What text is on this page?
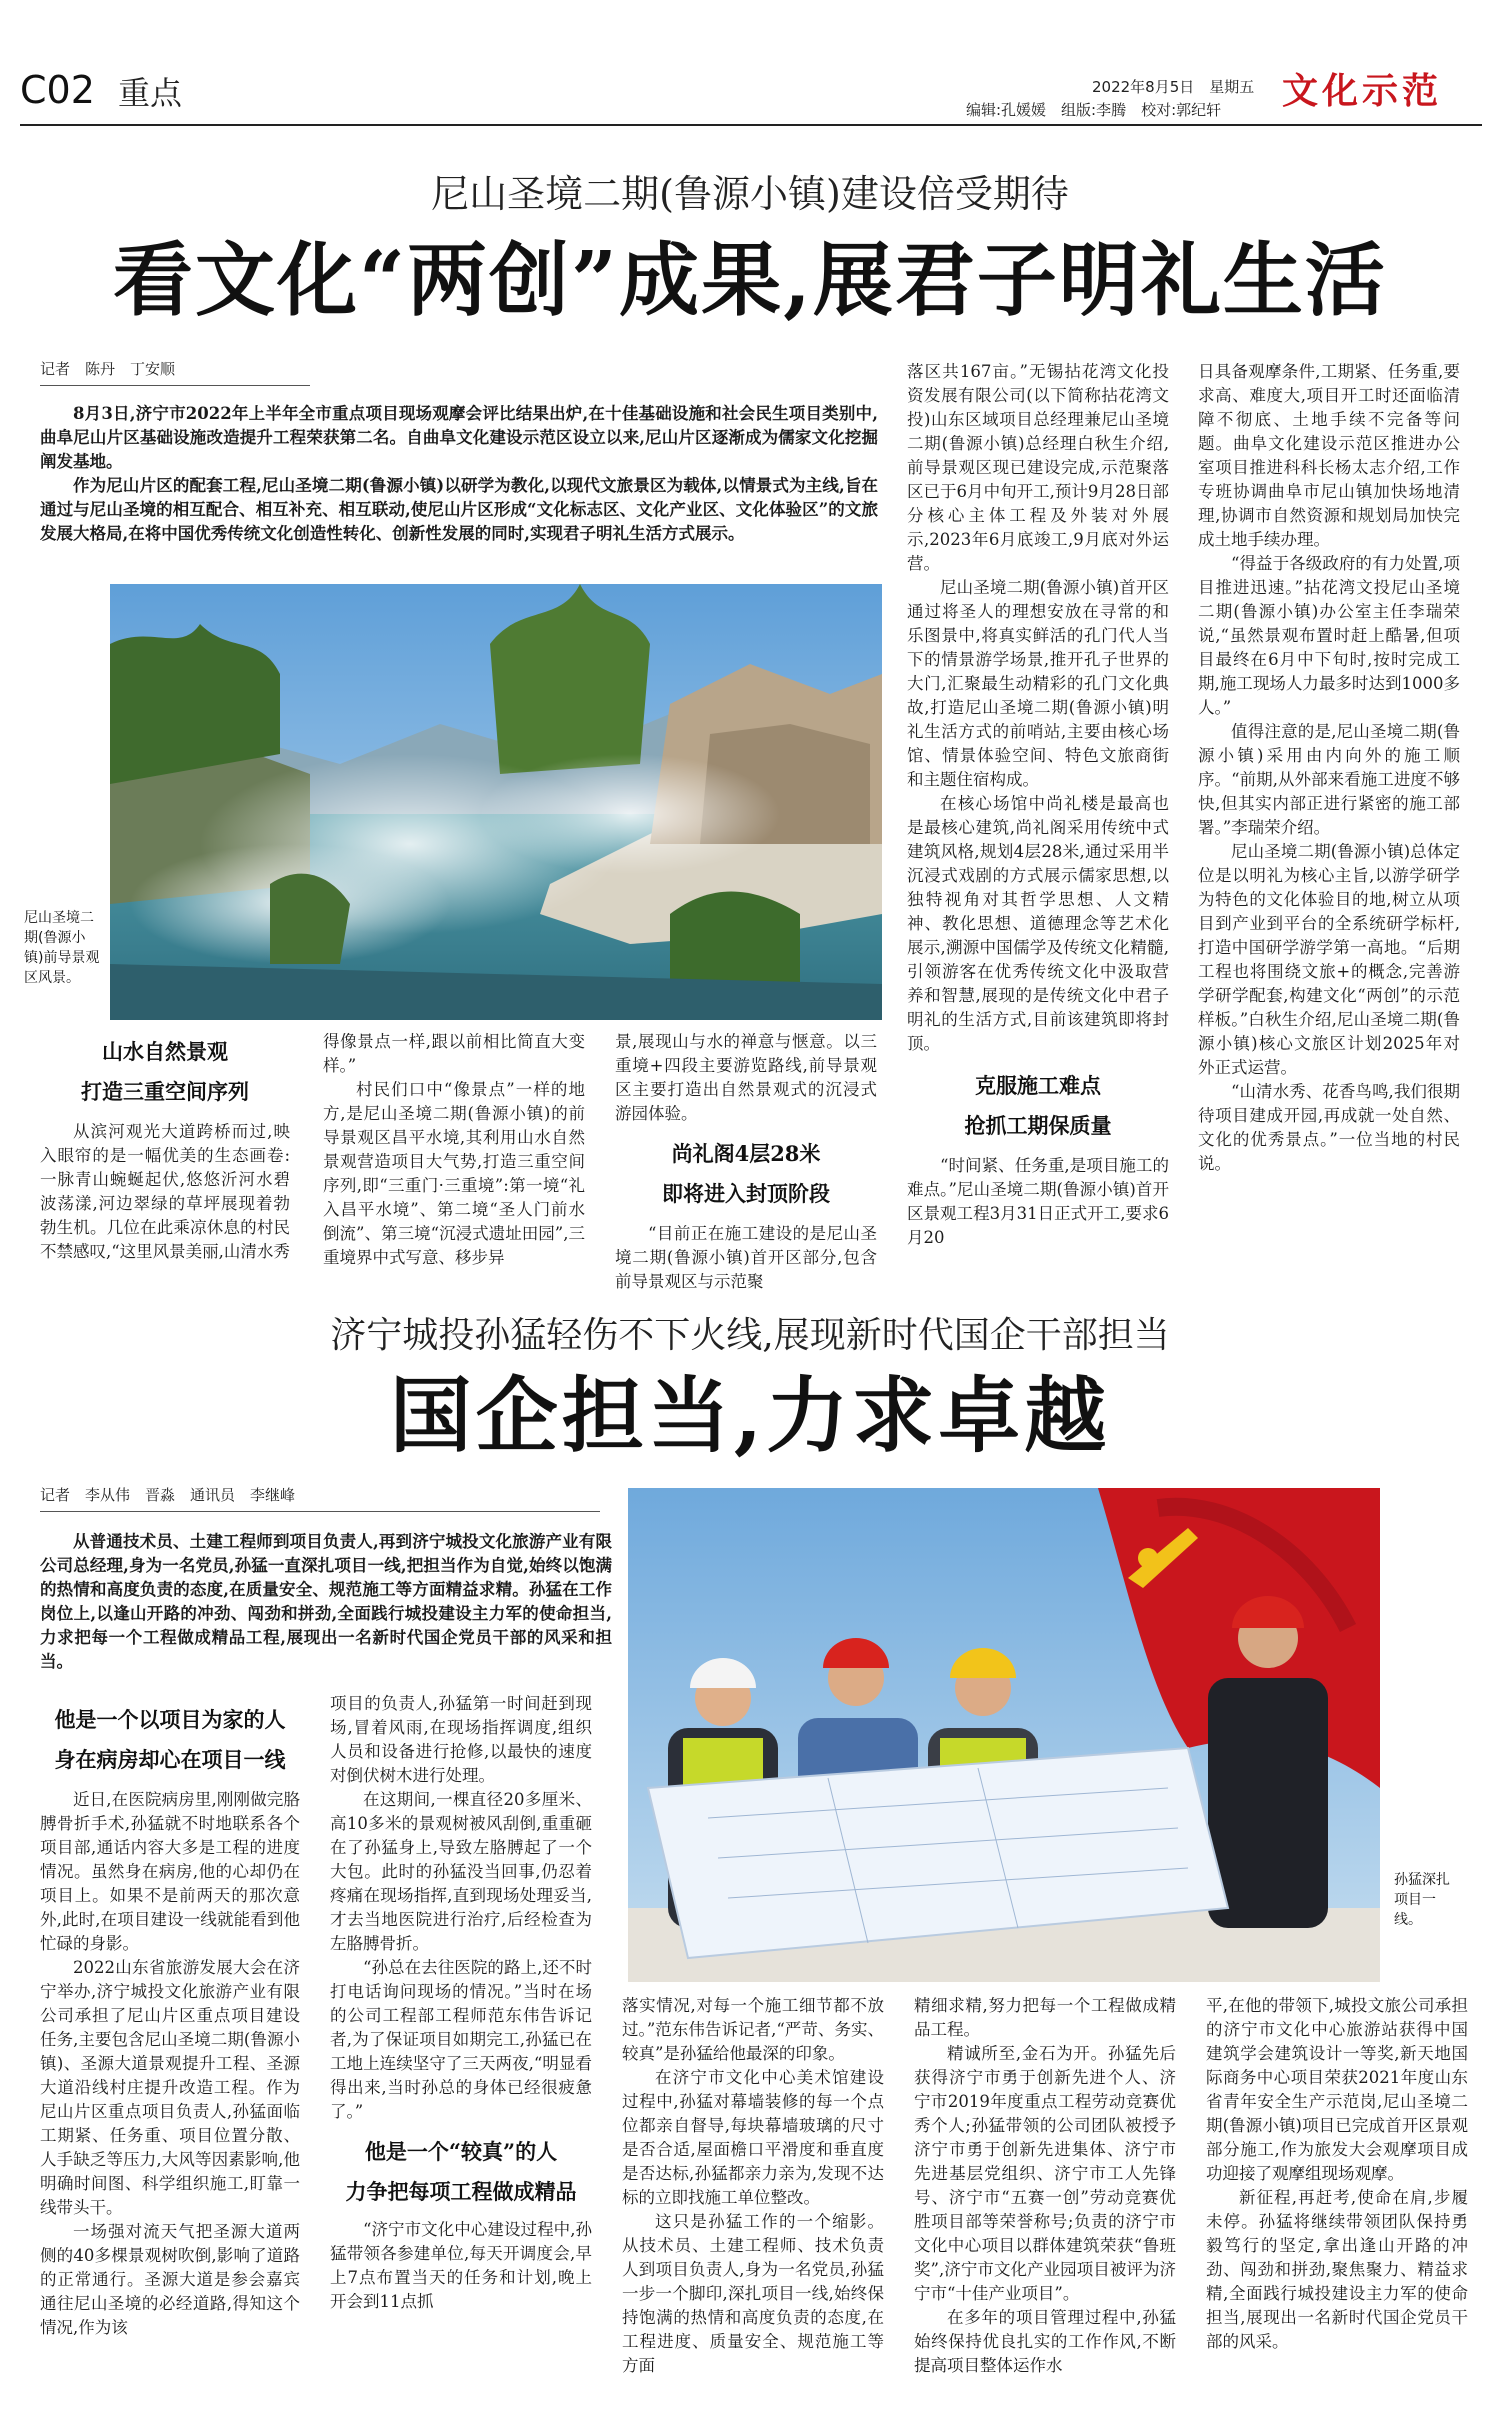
C02 重点	2022年8月5日　星期五
编辑:孔媛媛　组版:李腾　校对:郭纪轩 文化示范
尼山圣境二期(鲁源小镇)建设倍受期待
看文化“两创”成果,展君子明礼生活
记者　陈丹　丁安顺

8月3日,济宁市2022年上半年全市重点项目现场观摩会评比结果出炉,在十佳基础设施和社会民生项目类别中,曲阜尼山片区基础设施改造提升工程荣获第二名。自曲阜文化建设示范区设立以来,尼山片区逐渐成为儒家文化挖掘阐发基地。

作为尼山片区的配套工程,尼山圣境二期(鲁源小镇)以研学为教化,以现代文旅景区为载体,以情景式为主线,旨在通过与尼山圣境的相互配合、相互补充、相互联动,使尼山片区形成“文化标志区、文化产业区、文化体验区”的文旅发展大格局,在将中国优秀传统文化创造性转化、创新性发展的同时,实现君子明礼生活方式展示。

尼山圣境二期(鲁源小镇)前导景观区风景。

山水自然景观

打造三重空间序列

从滨河观光大道跨桥而过,映入眼帘的是一幅优美的生态画卷:一脉青山蜿蜒起伏,悠悠沂河水碧波荡漾,河边翠绿的草坪展现着勃勃生机。几位在此乘凉休息的村民不禁感叹,“这里风景美丽,山清水秀

得像景点一样,跟以前相比简直大变样。”

村民们口中“像景点”一样的地方,是尼山圣境二期(鲁源小镇)的前导景观区昌平水境,其利用山水自然景观营造项目大气势,打造三重空间序列,即“三重门·三重境”:第一境“礼入昌平水境”、第二境“圣人门前水倒流”、第三境“沉浸式遗址田园”,三重境界中式写意、移步异

景,展现山与水的禅意与惬意。以三重境+四段主要游览路线,前导景观区主要打造出自然景观式的沉浸式游园体验。

尚礼阁4层28米

即将进入封顶阶段

“目前正在施工建设的是尼山圣境二期(鲁源小镇)首开区部分,包含前导景观区与示范聚

落区共167亩。”无锡拈花湾文化投资发展有限公司(以下简称拈花湾文投)山东区域项目总经理兼尼山圣境二期(鲁源小镇)总经理白秋生介绍,前导景观区现已建设完成,示范聚落区已于6月中旬开工,预计9月28日部分核心主体工程及外装对外展示,2023年6月底竣工,9月底对外运营。

尼山圣境二期(鲁源小镇)首开区通过将圣人的理想安放在寻常的和乐图景中,将真实鲜活的孔门代人当下的情景游学场景,推开孔子世界的大门,汇聚最生动精彩的孔门文化典故,打造尼山圣境二期(鲁源小镇)明礼生活方式的前哨站,主要由核心场馆、情景体验空间、特色文旅商街和主题住宿构成。

在核心场馆中尚礼楼是最高也是最核心建筑,尚礼阁采用传统中式建筑风格,规划4层28米,通过采用半沉浸式戏剧的方式展示儒家思想,以独特视角对其哲学思想、人文精神、教化思想、道德理念等艺术化展示,溯源中国儒学及传统文化精髓,引领游客在优秀传统文化中汲取营养和智慧,展现的是传统文化中君子明礼的生活方式,目前该建筑即将封顶。

克服施工难点

抢抓工期保质量

“时间紧、任务重,是项目施工的难点。”尼山圣境二期(鲁源小镇)首开区景观工程3月31日正式开工,要求6月20

日具备观摩条件,工期紧、任务重,要求高、难度大,项目开工时还面临清障不彻底、土地手续不完备等问题。曲阜文化建设示范区推进办公室项目推进科科长杨太志介绍,工作专班协调曲阜市尼山镇加快场地清理,协调市自然资源和规划局加快完成土地手续办理。

“得益于各级政府的有力处置,项目推进迅速。”拈花湾文投尼山圣境二期(鲁源小镇)办公室主任李瑞荣说,“虽然景观布置时赶上酷暑,但项目最终在6月中下旬时,按时完成工期,施工现场人力最多时达到1000多人。”

值得注意的是,尼山圣境二期(鲁源小镇)采用由内向外的施工顺序。“前期,从外部来看施工进度不够快,但其实内部正进行紧密的施工部署。”李瑞荣介绍。

尼山圣境二期(鲁源小镇)总体定位是以明礼为核心主旨,以游学研学为特色的文化体验目的地,树立从项目到产业到平台的全系统研学标杆,打造中国研学游学第一高地。“后期工程也将围绕文旅+的概念,完善游学研学配套,构建文化“两创”的示范样板。”白秋生介绍,尼山圣境二期(鲁源小镇)核心文旅区计划2025年对外正式运营。

“山清水秀、花香鸟鸣,我们很期待项目建成开园,再成就一处自然、文化的优秀景点。”一位当地的村民说。

济宁城投孙猛轻伤不下火线,展现新时代国企干部担当
国企担当,力求卓越
记者　李从伟　晋淼　通讯员　李继峰

从普通技术员、土建工程师到项目负责人,再到济宁城投文化旅游产业有限公司总经理,身为一名党员,孙猛一直深扎项目一线,把担当作为自觉,始终以饱满的热情和高度负责的态度,在质量安全、规范施工等方面精益求精。孙猛在工作岗位上,以逢山开路的冲劲、闯劲和拼劲,全面践行城投建设主力军的使命担当,力求把每一个工程做成精品工程,展现出一名新时代国企党员干部的风采和担当。

孙猛深扎项目一线。

他是一个以项目为家的人

身在病房却心在项目一线

近日,在医院病房里,刚刚做完胳膊骨折手术,孙猛就不时地联系各个项目部,通话内容大多是工程的进度情况。虽然身在病房,他的心却仍在项目上。如果不是前两天的那次意外,此时,在项目建设一线就能看到他忙碌的身影。

2022山东省旅游发展大会在济宁举办,济宁城投文化旅游产业有限公司承担了尼山片区重点项目建设任务,主要包含尼山圣境二期(鲁源小镇)、圣源大道景观提升工程、圣源大道沿线村庄提升改造工程。作为尼山片区重点项目负责人,孙猛面临工期紧、任务重、项目位置分散、人手缺乏等压力,大风等因素影响,他明确时间图、科学组织施工,盯靠一线带头干。

一场强对流天气把圣源大道两侧的40多棵景观树吹倒,影响了道路的正常通行。圣源大道是参会嘉宾通往尼山圣境的必经道路,得知这个情况,作为该

项目的负责人,孙猛第一时间赶到现场,冒着风雨,在现场指挥调度,组织人员和设备进行抢修,以最快的速度对倒伏树木进行处理。

在这期间,一棵直径20多厘米、高10多米的景观树被风刮倒,重重砸在了孙猛身上,导致左胳膊起了一个大包。此时的孙猛没当回事,仍忍着疼痛在现场指挥,直到现场处理妥当,才去当地医院进行治疗,后经检查为左胳膊骨折。

“孙总在去往医院的路上,还不时打电话询问现场的情况。”当时在场的公司工程部工程师范东伟告诉记者,为了保证项目如期完工,孙猛已在工地上连续坚守了三天两夜,“明显看得出来,当时孙总的身体已经很疲惫了。”

他是一个“较真”的人

力争把每项工程做成精品

“济宁市文化中心建设过程中,孙猛带领各参建单位,每天开调度会,早上7点布置当天的任务和计划,晚上开会到11点抓

落实情况,对每一个施工细节都不放过。”范东伟告诉记者,“严苛、务实、较真”是孙猛给他最深的印象。

在济宁市文化中心美术馆建设过程中,孙猛对幕墙装修的每一个点位都亲自督导,每块幕墙玻璃的尺寸是否合适,屋面檐口平滑度和垂直度是否达标,孙猛都亲力亲为,发现不达标的立即找施工单位整改。

这只是孙猛工作的一个缩影。从技术员、土建工程师、技术负责人到项目负责人,身为一名党员,孙猛一步一个脚印,深扎项目一线,始终保持饱满的热情和高度负责的态度,在工程进度、质量安全、规范施工等方面

精细求精,努力把每一个工程做成精品工程。

精诚所至,金石为开。孙猛先后获得济宁市勇于创新先进个人、济宁市2019年度重点工程劳动竞赛优秀个人;孙猛带领的公司团队被授予济宁市勇于创新先进集体、济宁市先进基层党组织、济宁市工人先锋号、济宁市“五赛一创”劳动竞赛优胜项目部等荣誉称号;负责的济宁市文化中心项目以群体建筑荣获“鲁班奖”,济宁市文化产业园项目被评为济宁市“十佳产业项目”。

在多年的项目管理过程中,孙猛始终保持优良扎实的工作作风,不断提高项目整体运作水

平,在他的带领下,城投文旅公司承担的济宁市文化中心旅游站获得中国建筑学会建筑设计一等奖,新天地国际商务中心项目荣获2021年度山东省青年安全生产示范岗,尼山圣境二期(鲁源小镇)项目已完成首开区景观部分施工,作为旅发大会观摩项目成功迎接了观摩组现场观摩。

新征程,再赶考,使命在肩,步履未停。孙猛将继续带领团队保持勇毅笃行的坚定,拿出逢山开路的冲劲、闯劲和拼劲,聚焦聚力、精益求精,全面践行城投建设主力军的使命担当,展现出一名新时代国企党员干部的风采。
